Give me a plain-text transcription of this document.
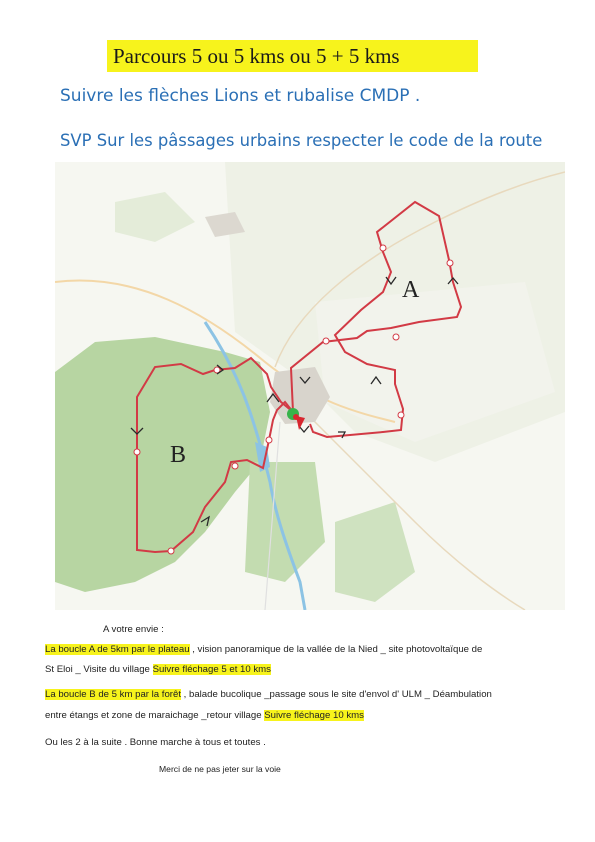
Parcours 5 ou 5 kms ou 5 + 5 kms
Suivre les flèches Lions et rubalise CMDP .
SVP Sur les pâssages urbains respecter le code de la route
A
B
A votre envie :
La boucle A de 5km par le plateau , vision panoramique de la vallée de la Nied _ site photovoltaïque de
St Eloi _ Visite du village Suivre fléchage 5 et 10 kms
La boucle B de 5 km par la forêt , balade bucolique _passage sous le site d'envol d' ULM _ Déambulation
entre étangs et zone de maraichage _retour village Suivre fléchage 10 kms
Ou les 2 à la suite . Bonne marche à tous et toutes .
Merci de ne pas jeter sur la voie
